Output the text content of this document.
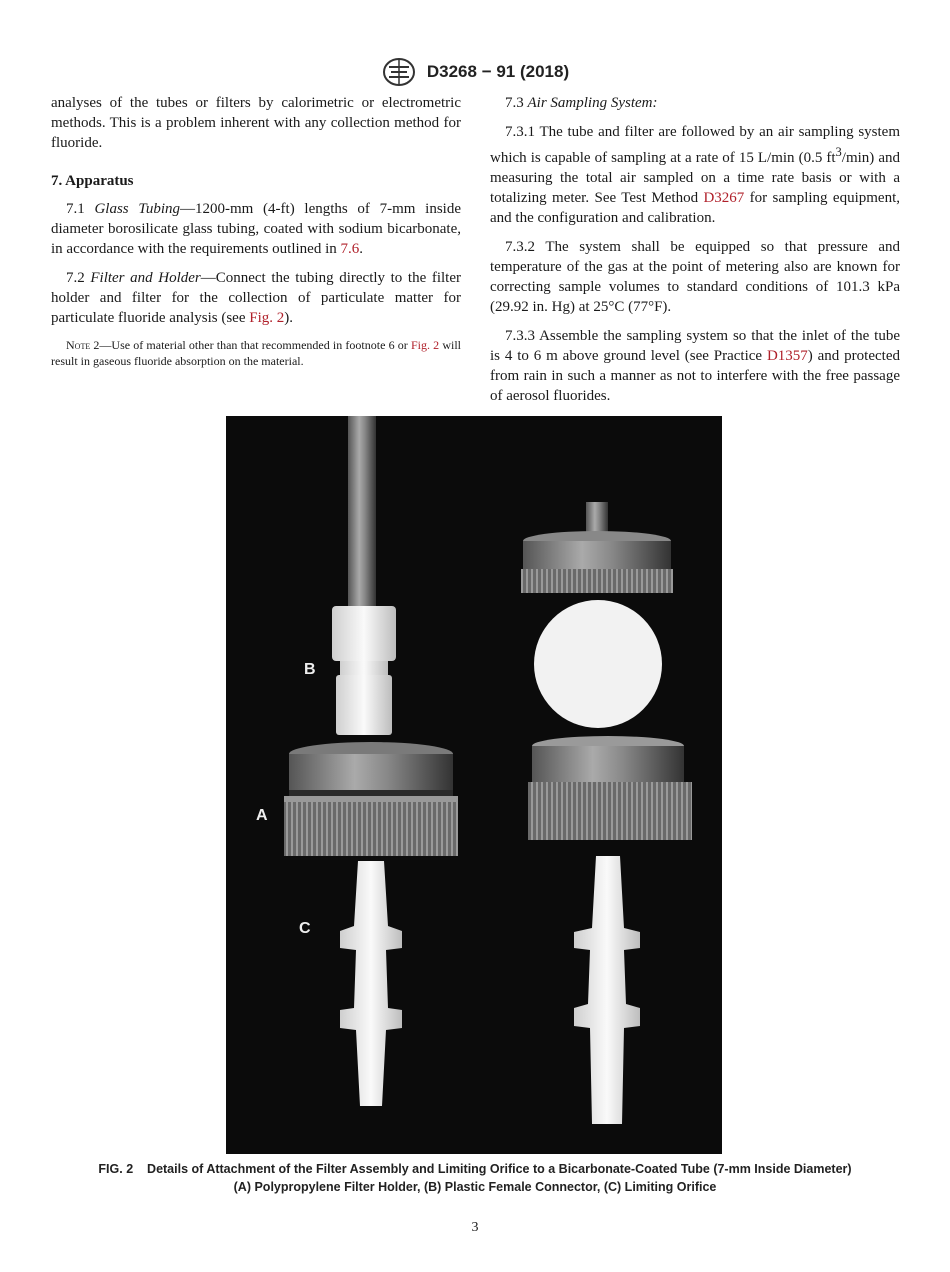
D3268 − 91 (2018)

analyses of the tubes or filters by calorimetric or electrometric methods. This is a problem inherent with any collection method for fluoride.

7. Apparatus

7.1 Glass Tubing—1200-mm (4-ft) lengths of 7-mm inside diameter borosilicate glass tubing, coated with sodium bicarbonate, in accordance with the requirements outlined in 7.6.

7.2 Filter and Holder—Connect the tubing directly to the filter holder and filter for the collection of particulate matter for particulate fluoride analysis (see Fig. 2).

Note 2—Use of material other than that recommended in footnote 6 or Fig. 2 will result in gaseous fluoride absorption on the material.

7.3 Air Sampling System:

7.3.1 The tube and filter are followed by an air sampling system which is capable of sampling at a rate of 15 L/min (0.5 $ft^3/\min$) and measuring the total air sampled on a time rate basis or with a totalizing meter. See Test Method D3267 for sampling equipment, and the configuration and calibration.

7.3.2 The system shall be equipped so that pressure and temperature of the gas at the point of metering also are known for correcting sample volumes to standard conditions of 101.3 kPa (29.92 in. Hg) at 25°C (77°F).

7.3.3 Assemble the sampling system so that the inlet of the tube is 4 to 6 m above ground level (see Practice D1357) and protected from rain in such a manner as not to interfere with the free passage of aerosol fluorides.

B
A
C
FIG. 2    Details of Attachment of the Filter Assembly and Limiting Orifice to a Bicarbonate-Coated Tube (7-mm Inside Diameter)
(A) Polypropylene Filter Holder, (B) Plastic Female Connector, (C) Limiting Orifice
3
